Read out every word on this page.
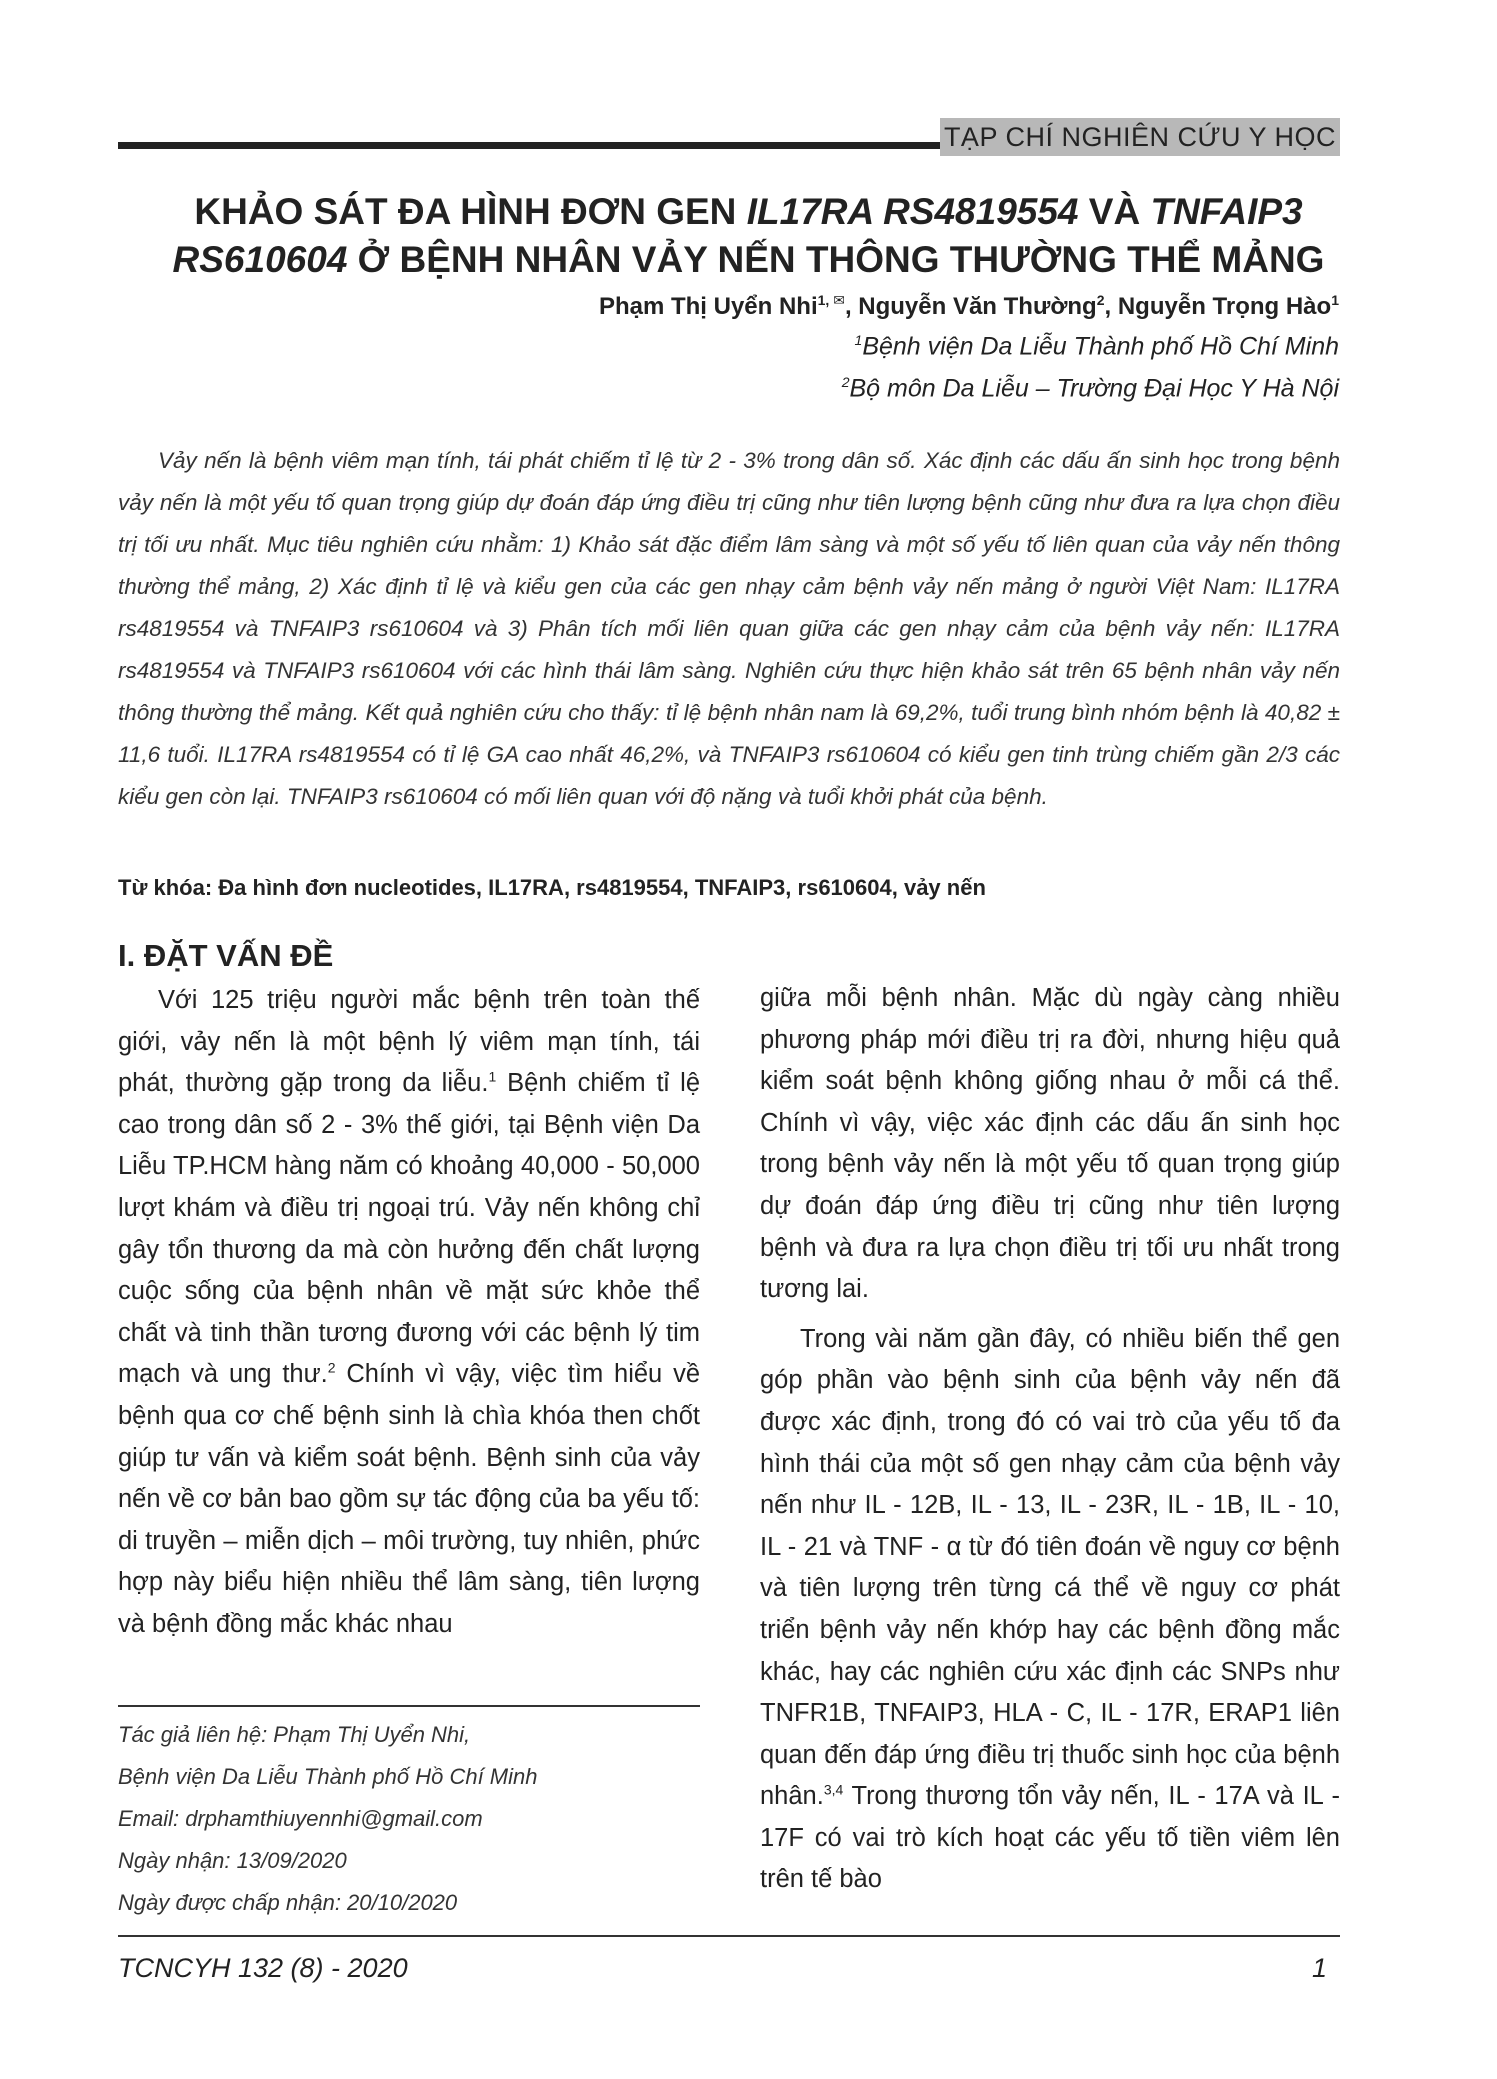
TẠP CHÍ NGHIÊN CỨU Y HỌC
KHẢO SÁT ĐA HÌNH ĐƠN GEN IL17RA RS4819554 VÀ TNFAIP3
RS610604 Ở BỆNH NHÂN VẢY NẾN THÔNG THƯỜNG THỂ MẢNG
Phạm Thị Uyển Nhi$^{1, ✉}$, Nguyễn Văn Thường$^2$, Nguyễn Trọng Hào$^1$
$^1$Bệnh viện Da Liễu Thành phố Hồ Chí Minh
$^2$Bộ môn Da Liễu – Trường Đại Học Y Hà Nội
Vảy nến là bệnh viêm mạn tính, tái phát chiếm tỉ lệ từ 2 - 3% trong dân số. Xác định các dấu ấn sinh học trong bệnh vảy nến là một yếu tố quan trọng giúp dự đoán đáp ứng điều trị cũng như tiên lượng bệnh cũng như đưa ra lựa chọn điều trị tối ưu nhất. Mục tiêu nghiên cứu nhằm: 1) Khảo sát đặc điểm lâm sàng và một số yếu tố liên quan của vảy nến thông thường thể mảng, 2) Xác định tỉ lệ và kiểu gen của các gen nhạy cảm bệnh vảy nến mảng ở người Việt Nam: IL17RA rs4819554 và TNFAIP3 rs610604 và 3) Phân tích mối liên quan giữa các gen nhạy cảm của bệnh vảy nến: IL17RA rs4819554 và TNFAIP3 rs610604 với các hình thái lâm sàng. Nghiên cứu thực hiện khảo sát trên 65 bệnh nhân vảy nến thông thường thể mảng. Kết quả nghiên cứu cho thấy: tỉ lệ bệnh nhân nam là 69,2%, tuổi trung bình nhóm bệnh là 40,82 ± 11,6 tuổi. IL17RA rs4819554 có tỉ lệ GA cao nhất 46,2%, và TNFAIP3 rs610604 có kiểu gen tinh trùng chiếm gần 2/3 các kiểu gen còn lại. TNFAIP3 rs610604 có mối liên quan với độ nặng và tuổi khởi phát của bệnh.
Từ khóa: Đa hình đơn nucleotides, IL17RA, rs4819554, TNFAIP3, rs610604, vảy nến
I. ĐẶT VẤN ĐỀ

Với 125 triệu người mắc bệnh trên toàn thế giới, vảy nến là một bệnh lý viêm mạn tính, tái phát, thường gặp trong da liễu.$^1$ Bệnh chiếm tỉ lệ cao trong dân số 2 - 3% thế giới, tại Bệnh viện Da Liễu TP.HCM hàng năm có khoảng 40,000 - 50,000 lượt khám và điều trị ngoại trú. Vảy nến không chỉ gây tổn thương da mà còn hưởng đến chất lượng cuộc sống của bệnh nhân về mặt sức khỏe thể chất và tinh thần tương đương với các bệnh lý tim mạch và ung thư.$^2$ Chính vì vậy, việc tìm hiểu về bệnh qua cơ chế bệnh sinh là chìa khóa then chốt giúp tư vấn và kiểm soát bệnh. Bệnh sinh của vảy nến về cơ bản bao gồm sự tác động của ba yếu tố: di truyền – miễn dịch – môi trường, tuy nhiên, phức hợp này biểu hiện nhiều thể lâm sàng, tiên lượng và bệnh đồng mắc khác nhau

Tác giả liên hệ: Phạm Thị Uyển Nhi,
Bệnh viện Da Liễu Thành phố Hồ Chí Minh
Email: drphamthiuyennhi@gmail.com
Ngày nhận: 13/09/2020
Ngày được chấp nhận: 20/10/2020

giữa mỗi bệnh nhân. Mặc dù ngày càng nhiều phương pháp mới điều trị ra đời, nhưng hiệu quả kiểm soát bệnh không giống nhau ở mỗi cá thể. Chính vì vậy, việc xác định các dấu ấn sinh học trong bệnh vảy nến là một yếu tố quan trọng giúp dự đoán đáp ứng điều trị cũng như tiên lượng bệnh và đưa ra lựa chọn điều trị tối ưu nhất trong tương lai.

Trong vài năm gần đây, có nhiều biến thể gen góp phần vào bệnh sinh của bệnh vảy nến đã được xác định, trong đó có vai trò của yếu tố đa hình thái của một số gen nhạy cảm của bệnh vảy nến như IL - 12B, IL - 13, IL - 23R, IL - 1B, IL - 10, IL - 21 và TNF - α từ đó tiên đoán về nguy cơ bệnh và tiên lượng trên từng cá thể về nguy cơ phát triển bệnh vảy nến khớp hay các bệnh đồng mắc khác, hay các nghiên cứu xác định các SNPs như TNFR1B, TNFAIP3, HLA - C, IL - 17R, ERAP1 liên quan đến đáp ứng điều trị thuốc sinh học của bệnh nhân.$^{3,4}$ Trong thương tổn vảy nến, IL - 17A và IL - 17F có vai trò kích hoạt các yếu tố tiền viêm lên trên tế bào

TCNCYH 132 (8) - 2020	1
